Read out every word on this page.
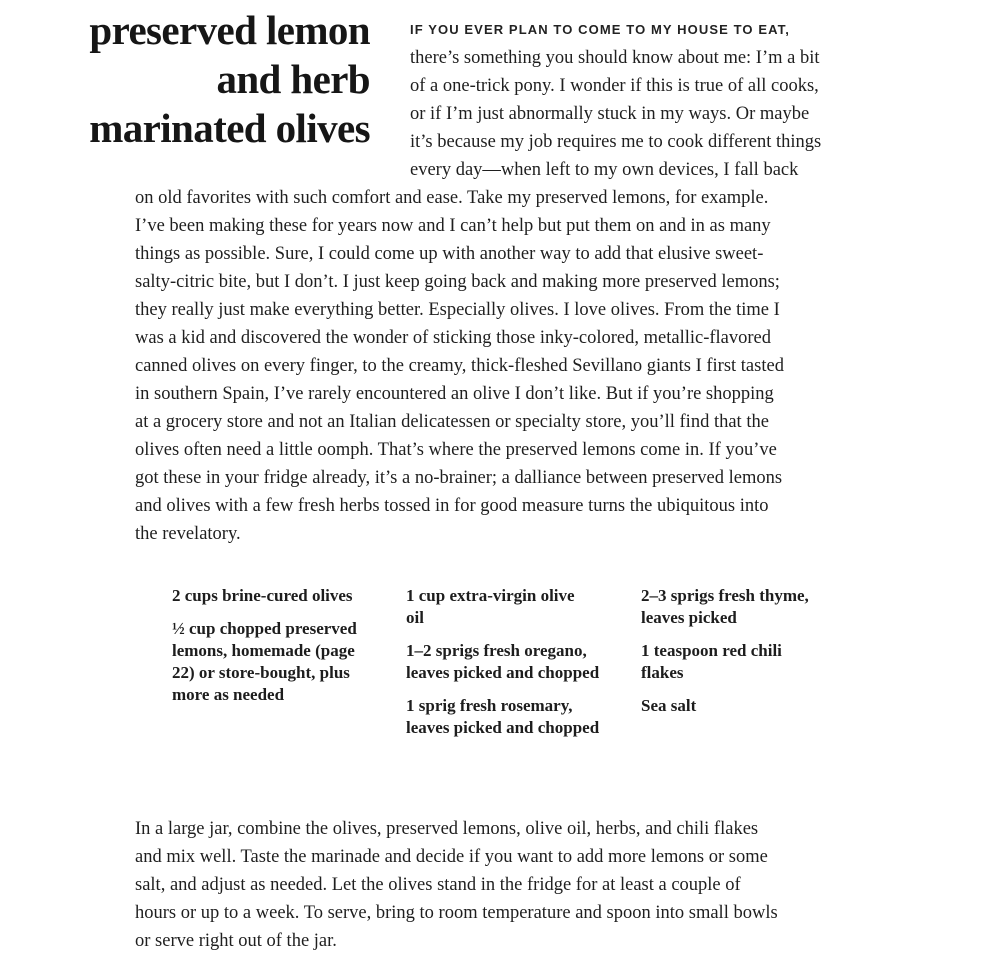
preserved lemon
and herb
marinated olives
IF YOU EVER PLAN TO COME TO MY HOUSE TO EAT,
there’s something you should know about me: I’m a bit
of a one-trick pony. I wonder if this is true of all cooks,
or if I’m just abnormally stuck in my ways. Or maybe
it’s because my job requires me to cook different things
every day—when left to my own devices, I fall back
on old favorites with such comfort and ease. Take my preserved lemons, for example.
I’ve been making these for years now and I can’t help but put them on and in as many
things as possible. Sure, I could come up with another way to add that elusive sweet-
salty-citric bite, but I don’t. I just keep going back and making more preserved lemons;
they really just make everything better. Especially olives. I love olives. From the time I
was a kid and discovered the wonder of sticking those inky-colored, metallic-flavored
canned olives on every finger, to the creamy, thick-fleshed Sevillano giants I first tasted
in southern Spain, I’ve rarely encountered an olive I don’t like. But if you’re shopping
at a grocery store and not an Italian delicatessen or specialty store, you’ll find that the
olives often need a little oomph. That’s where the preserved lemons come in. If you’ve
got these in your fridge already, it’s a no-brainer; a dalliance between preserved lemons
and olives with a few fresh herbs tossed in for good measure turns the ubiquitous into
the revelatory.
2 cups brine-cured olives
½ cup chopped preserved lemons, homemade (page 22) or store-bought, plus more as needed
1 cup extra-virgin olive oil
1–2 sprigs fresh oregano, leaves picked and chopped
1 sprig fresh rosemary, leaves picked and chopped
2–3 sprigs fresh thyme, leaves picked
1 teaspoon red chili flakes
Sea salt
In a large jar, combine the olives, preserved lemons, olive oil, herbs, and chili flakes
and mix well. Taste the marinade and decide if you want to add more lemons or some
salt, and adjust as needed. Let the olives stand in the fridge for at least a couple of
hours or up to a week. To serve, bring to room temperature and spoon into small bowls
or serve right out of the jar.
